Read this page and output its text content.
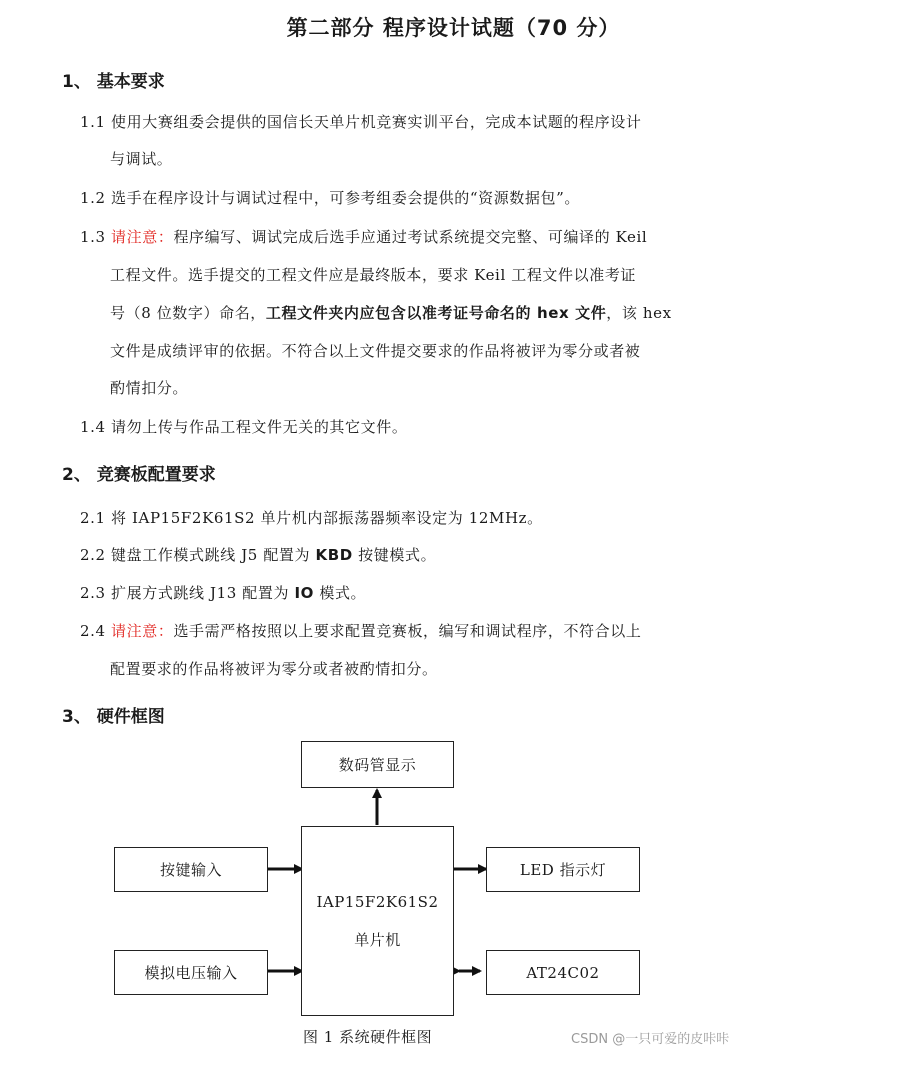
第二部分 程序设计试题（70 分）
1、 基本要求
1.1 使用大赛组委会提供的国信长天单片机竞赛实训平台，完成本试题的程序设计
与调试。
1.2 选手在程序设计与调试过程中，可参考组委会提供的“资源数据包”。
1.3 请注意：程序编写、调试完成后选手应通过考试系统提交完整、可编译的 Keil
工程文件。选手提交的工程文件应是最终版本，要求 Keil 工程文件以准考证
号（8 位数字）命名，工程文件夹内应包含以准考证号命名的 hex 文件，该 hex
文件是成绩评审的依据。不符合以上文件提交要求的作品将被评为零分或者被
酌情扣分。
1.4 请勿上传与作品工程文件无关的其它文件。
2、 竞赛板配置要求
2.1 将 IAP15F2K61S2 单片机内部振荡器频率设定为 12MHz。
2.2 键盘工作模式跳线 J5 配置为 KBD 按键模式。
2.3 扩展方式跳线 J13 配置为 IO 模式。
2.4 请注意：选手需严格按照以上要求配置竞赛板，编写和调试程序，不符合以上
配置要求的作品将被评为零分或者被酌情扣分。
3、 硬件框图
数码管显示
按键输入
模拟电压输入
IAP15F2K61S2
单片机
LED 指示灯
AT24C02
图 1 系统硬件框图	CSDN @一只可爱的皮咔咔
